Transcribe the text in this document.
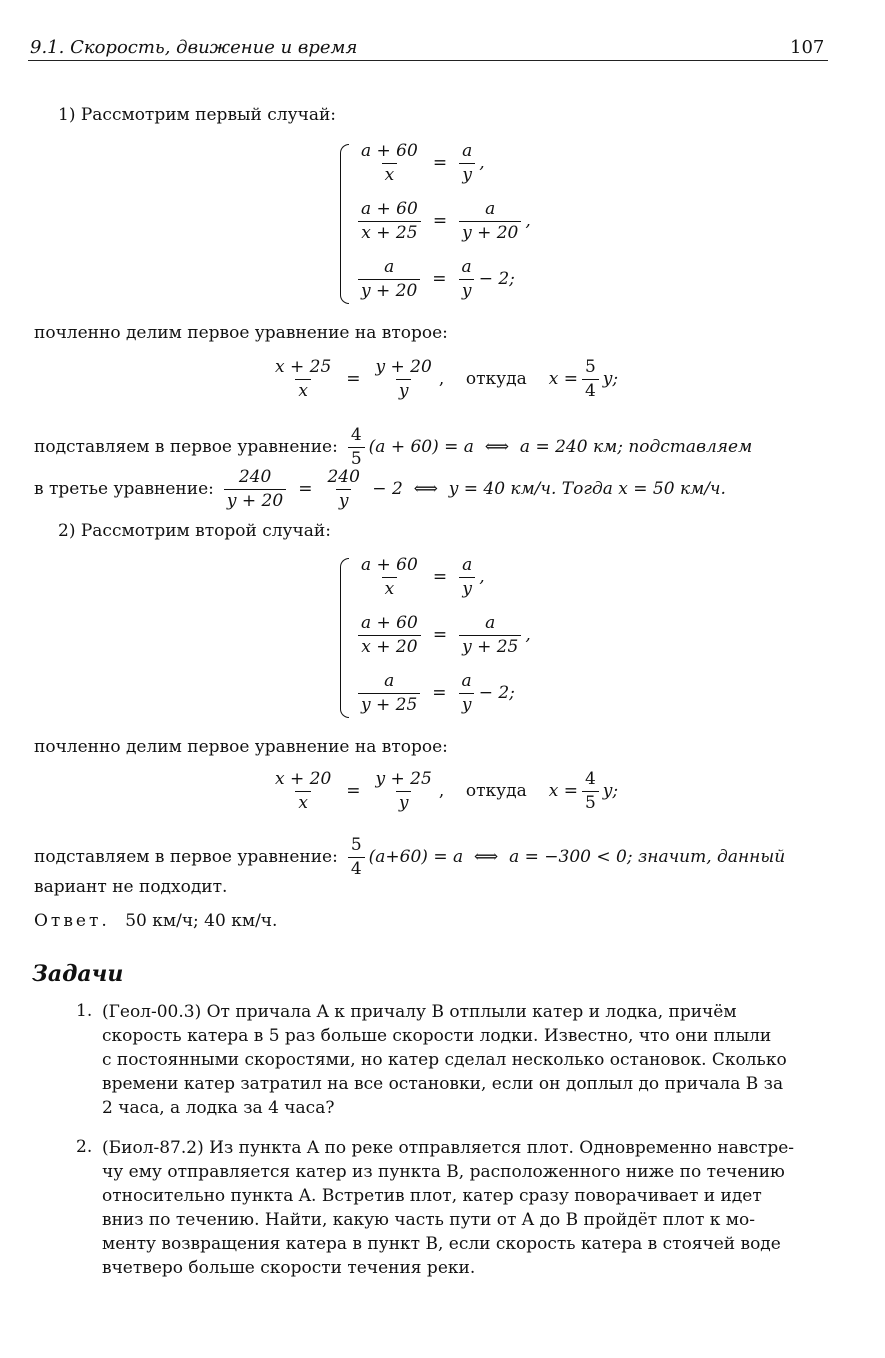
9.1. Скорость, движение и время	107
1) Рассмотрим первый случай:
$\frac{a + 60}{x} = \frac{a}{y}$ ,
$\frac{a + 60}{x + 25} = \frac{a}{y + 20}$ ,
$\frac{a}{y + 20} = \frac{a}{y} - 2$;
почленно делим первое уравнение на второе:
$\frac{x + 25}{x} = \frac{y + 20}{y}$ ,    откуда $x = \frac{5}{4} y$;
подставляем в первое уравнение: $\frac{4}{5} (a + 60) = a$  ⟺  a = 240 км; подставляем
в третье уравнение: $\frac{240}{y + 20} = \frac{240}{y} - 2$  ⟺  y = 40 км/ч. Тогда x = 50 км/ч.
2) Рассмотрим второй случай:
$\frac{a + 60}{x} = \frac{a}{y}$ ,
$\frac{a + 60}{x + 20} = \frac{a}{y + 25}$ ,
$\frac{a}{y + 25} = \frac{a}{y} - 2$;
почленно делим первое уравнение на второе:
$\frac{x + 20}{x} = \frac{y + 25}{y}$ ,    откуда $x = \frac{4}{5} y$;
подставляем в первое уравнение: $\frac{5}{4} (a+60) = a$  ⟺  a = −300 < 0; значит, данный
вариант не подходит.
Ответ. 50 км/ч; 40 км/ч.
Задачи
1. (Геол-00.3) От причала A к причалу B отплыли катер и лодка, причём
скорость катера в 5 раз больше скорости лодки. Известно, что они плыли
с постоянными скоростями, но катер сделал несколько остановок. Сколько
времени катер затратил на все остановки, если он доплыл до причала B за
2 часа, а лодка за 4 часа?
2. (Биол-87.2) Из пункта A по реке отправляется плот. Одновременно навстре-
чу ему отправляется катер из пункта B, расположенного ниже по течению
относительно пункта A. Встретив плот, катер сразу поворачивает и идет
вниз по течению. Найти, какую часть пути от A до B пройдёт плот к мо-
менту возвращения катера в пункт B, если скорость катера в стоячей воде
вчетверо больше скорости течения реки.
